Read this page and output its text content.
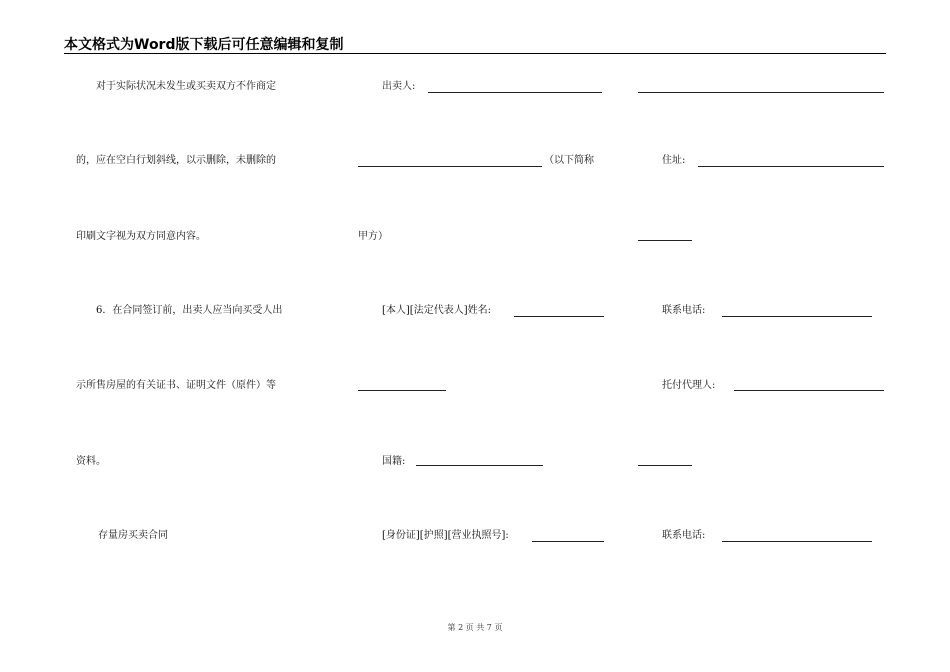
本文格式为Word版下载后可任意编辑和复制
对于实际状况未发生或买卖双方不作商定
的，应在空白行划斜线，以示删除，未删除的
印刷文字视为双方同意内容。
6．在合同签订前，出卖人应当向买受人出
示所售房屋的有关证书、证明文件（原件）等
资料。
存量房买卖合同
出卖人:
（以下简称
甲方）
[本人][法定代表人]姓名:
国籍:
[身份证][护照][营业执照号]:
住址:
联系电话:
托付代理人:
联系电话:
第 2 页 共 7 页
